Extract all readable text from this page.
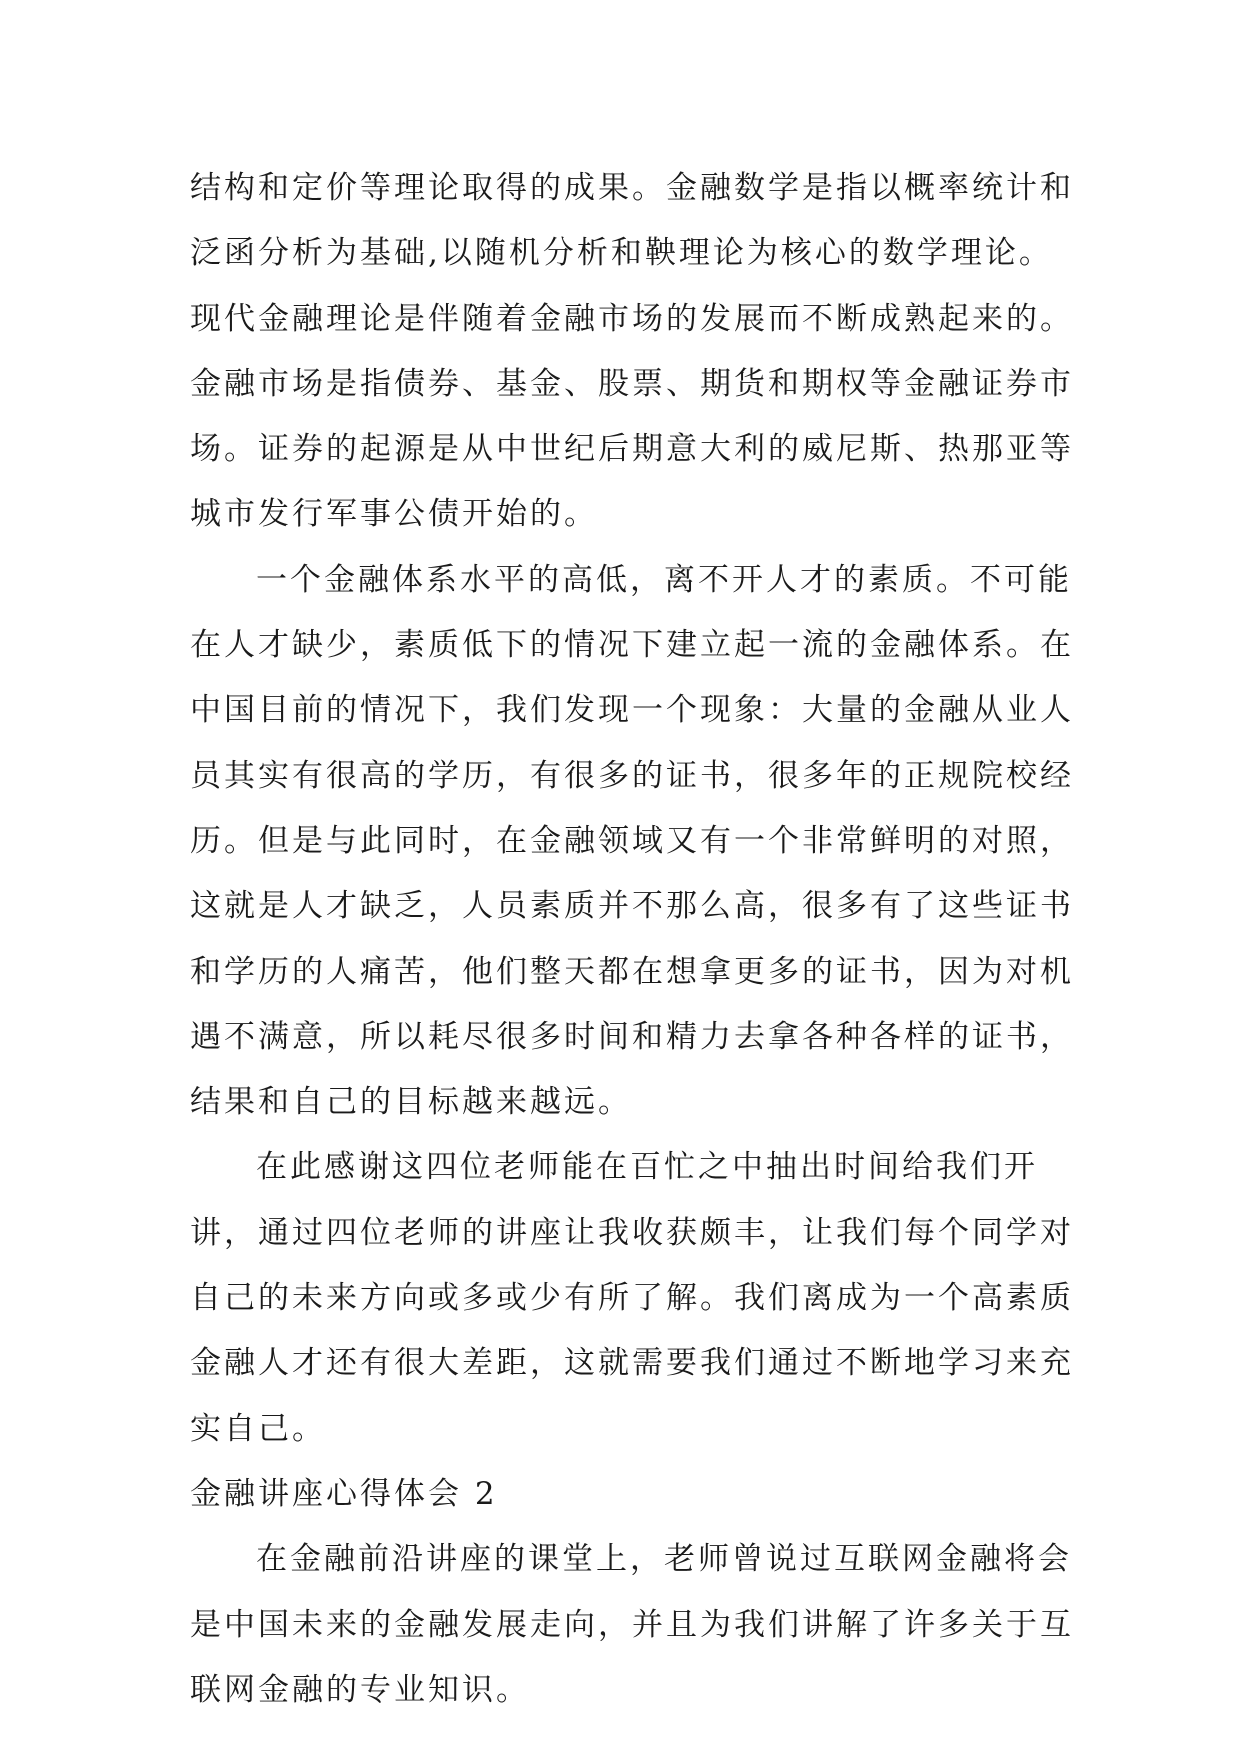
结构和定价等理论取得的成果。金融数学是指以概率统计和
泛函分析为基础,以随机分析和鞅理论为核心的数学理论。
现代金融理论是伴随着金融市场的发展而不断成熟起来的。
金融市场是指债券、基金、股票、期货和期权等金融证券市
场。证券的起源是从中世纪后期意大利的威尼斯、热那亚等
城市发行军事公债开始的。
一个金融体系水平的高低，离不开人才的素质。不可能
在人才缺少，素质低下的情况下建立起一流的金融体系。在
中国目前的情况下，我们发现一个现象：大量的金融从业人
员其实有很高的学历，有很多的证书，很多年的正规院校经
历。但是与此同时，在金融领域又有一个非常鲜明的对照，
这就是人才缺乏，人员素质并不那么高，很多有了这些证书
和学历的人痛苦，他们整天都在想拿更多的证书，因为对机
遇不满意，所以耗尽很多时间和精力去拿各种各样的证书，
结果和自己的目标越来越远。
在此感谢这四位老师能在百忙之中抽出时间给我们开
讲，通过四位老师的讲座让我收获颇丰，让我们每个同学对
自己的未来方向或多或少有所了解。我们离成为一个高素质
金融人才还有很大差距，这就需要我们通过不断地学习来充
实自己。
金融讲座心得体会 2
在金融前沿讲座的课堂上，老师曾说过互联网金融将会
是中国未来的金融发展走向，并且为我们讲解了许多关于互
联网金融的专业知识。
